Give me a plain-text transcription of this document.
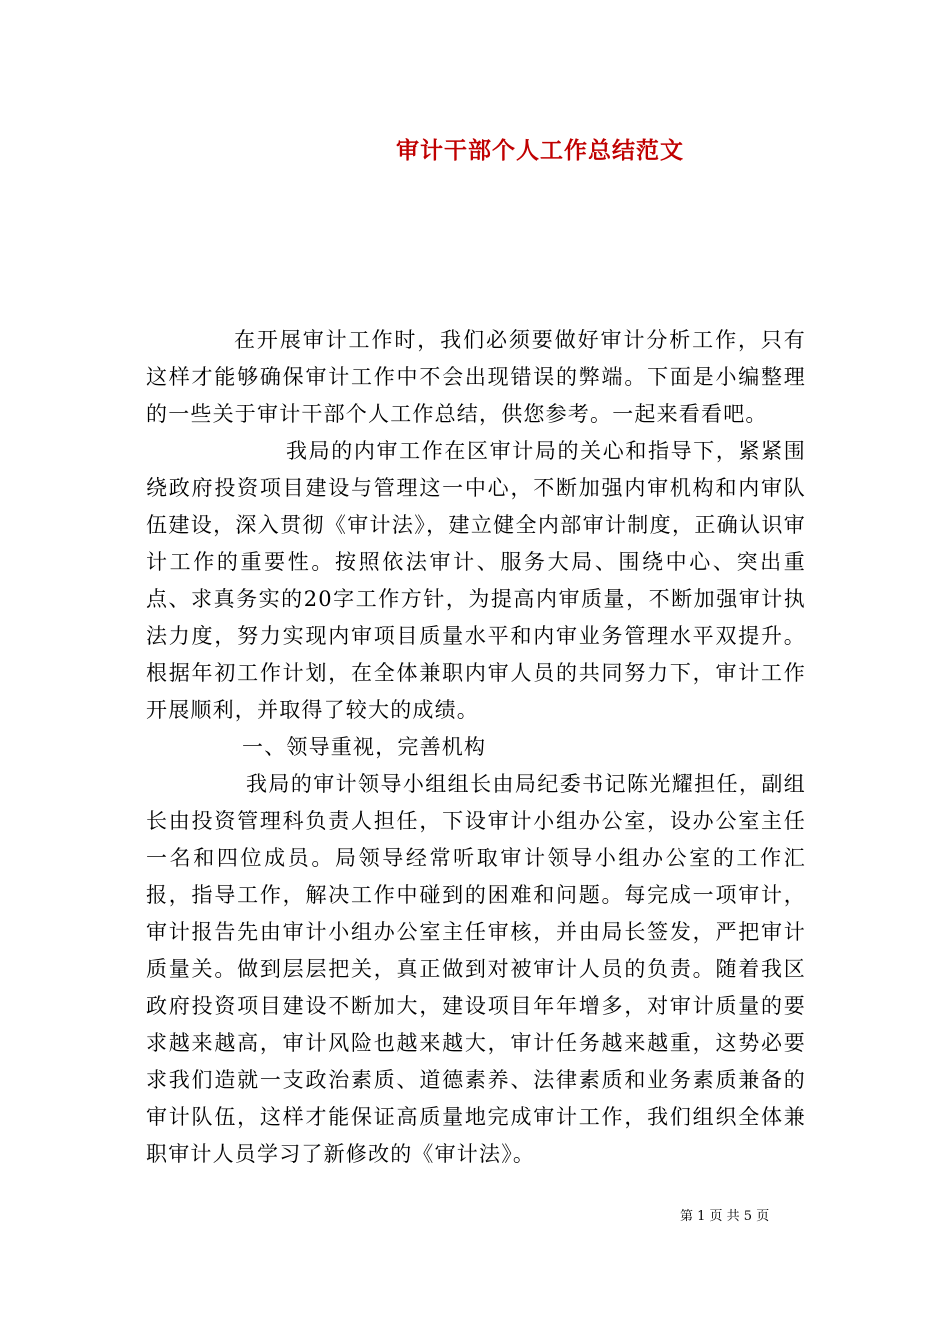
审计干部个人工作总结范文

在开展审计工作时，我们必须要做好审计分析工作，只有这样才能够确保审计工作中不会出现错误的弊端。下面是小编整理的一些关于审计干部个人工作总结，供您参考。一起来看看吧。

我局的内审工作在区审计局的关心和指导下，紧紧围绕政府投资项目建设与管理这一中心，不断加强内审机构和内审队伍建设，深入贯彻《审计法》，建立健全内部审计制度，正确认识审计工作的重要性。按照依法审计、服务大局、围绕中心、突出重点、求真务实的20字工作方针，为提高内审质量，不断加强审计执法力度，努力实现内审项目质量水平和内审业务管理水平双提升。根据年初工作计划，在全体兼职内审人员的共同努力下，审计工作开展顺利，并取得了较大的成绩。

一、领导重视，完善机构

我局的审计领导小组组长由局纪委书记陈光耀担任，副组长由投资管理科负责人担任，下设审计小组办公室，设办公室主任一名和四位成员。局领导经常听取审计领导小组办公室的工作汇报，指导工作，解决工作中碰到的困难和问题。每完成一项审计，审计报告先由审计小组办公室主任审核，并由局长签发，严把审计质量关。做到层层把关，真正做到对被审计人员的负责。随着我区政府投资项目建设不断加大，建设项目年年增多，对审计质量的要求越来越高，审计风险也越来越大，审计任务越来越重，这势必要求我们造就一支政治素质、道德素养、法律素质和业务素质兼备的审计队伍，这样才能保证高质量地完成审计工作，我们组织全体兼职审计人员学习了新修改的《审计法》。

第 1 页 共 5 页
